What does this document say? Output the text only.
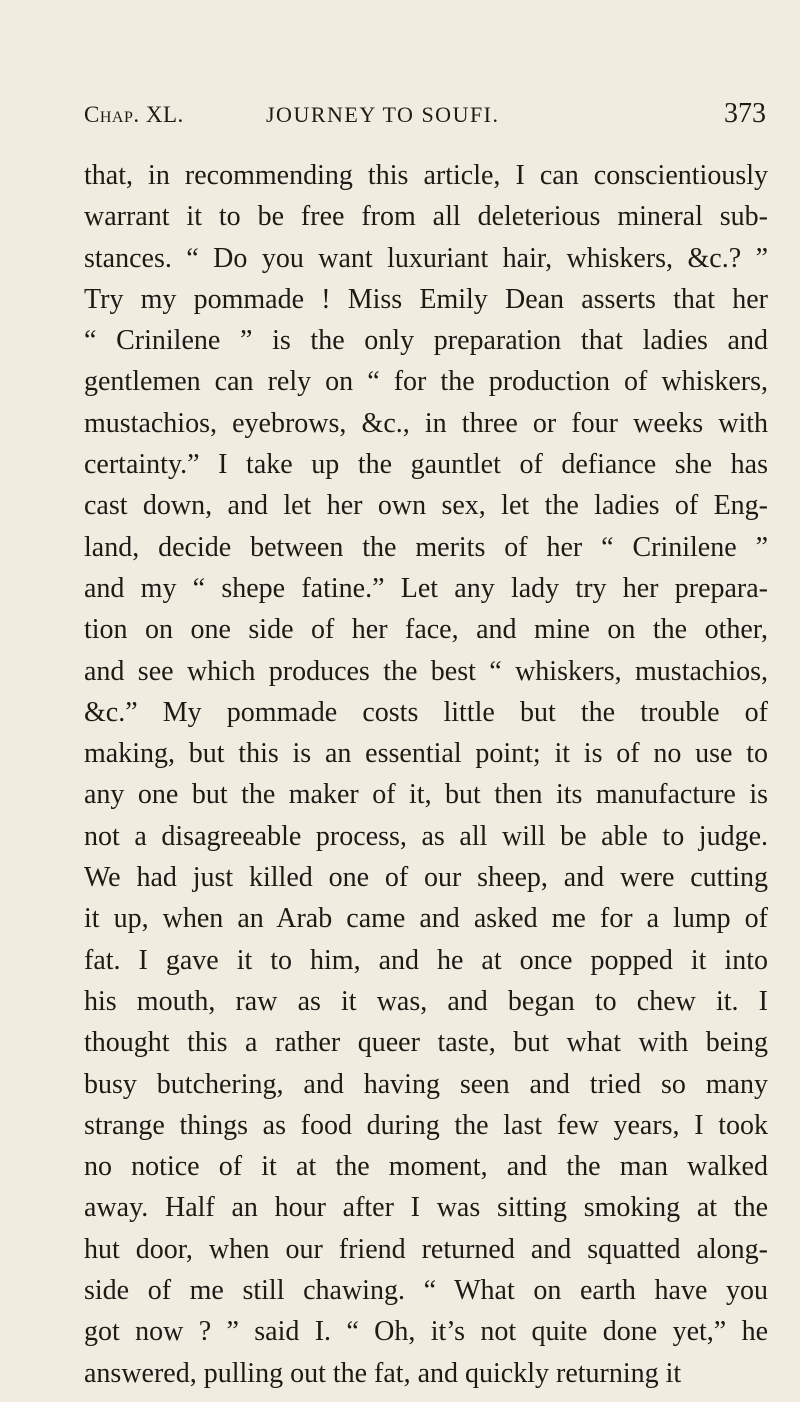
Chap. XL.	JOURNEY TO SOUFI.	373
that, in recommending this article, I can conscientiously
warrant it to be free from all deleterious mineral sub-
stances. “ Do you want luxuriant hair, whiskers, &c.? ”
Try my pommade ! Miss Emily Dean asserts that her
“ Crinilene ” is the only preparation that ladies and
gentlemen can rely on “ for the production of whiskers,
mustachios, eyebrows, &c., in three or four weeks with
certainty.” I take up the gauntlet of defiance she has
cast down, and let her own sex, let the ladies of Eng-
land, decide between the merits of her “ Crinilene ”
and my “ shepe fatine.” Let any lady try her prepara-
tion on one side of her face, and mine on the other,
and see which produces the best “ whiskers, mustachios,
&c.” My pommade costs little but the trouble of
making, but this is an essential point; it is of no use to
any one but the maker of it, but then its manufacture is
not a disagreeable process, as all will be able to judge.
We had just killed one of our sheep, and were cutting
it up, when an Arab came and asked me for a lump of
fat. I gave it to him, and he at once popped it into
his mouth, raw as it was, and began to chew it. I
thought this a rather queer taste, but what with being
busy butchering, and having seen and tried so many
strange things as food during the last few years, I took
no notice of it at the moment, and the man walked
away. Half an hour after I was sitting smoking at the
hut door, when our friend returned and squatted along-
side of me still chawing. “ What on earth have you
got now ? ” said I. “ Oh, it’s not quite done yet,” he
answered, pulling out the fat, and quickly returning it
